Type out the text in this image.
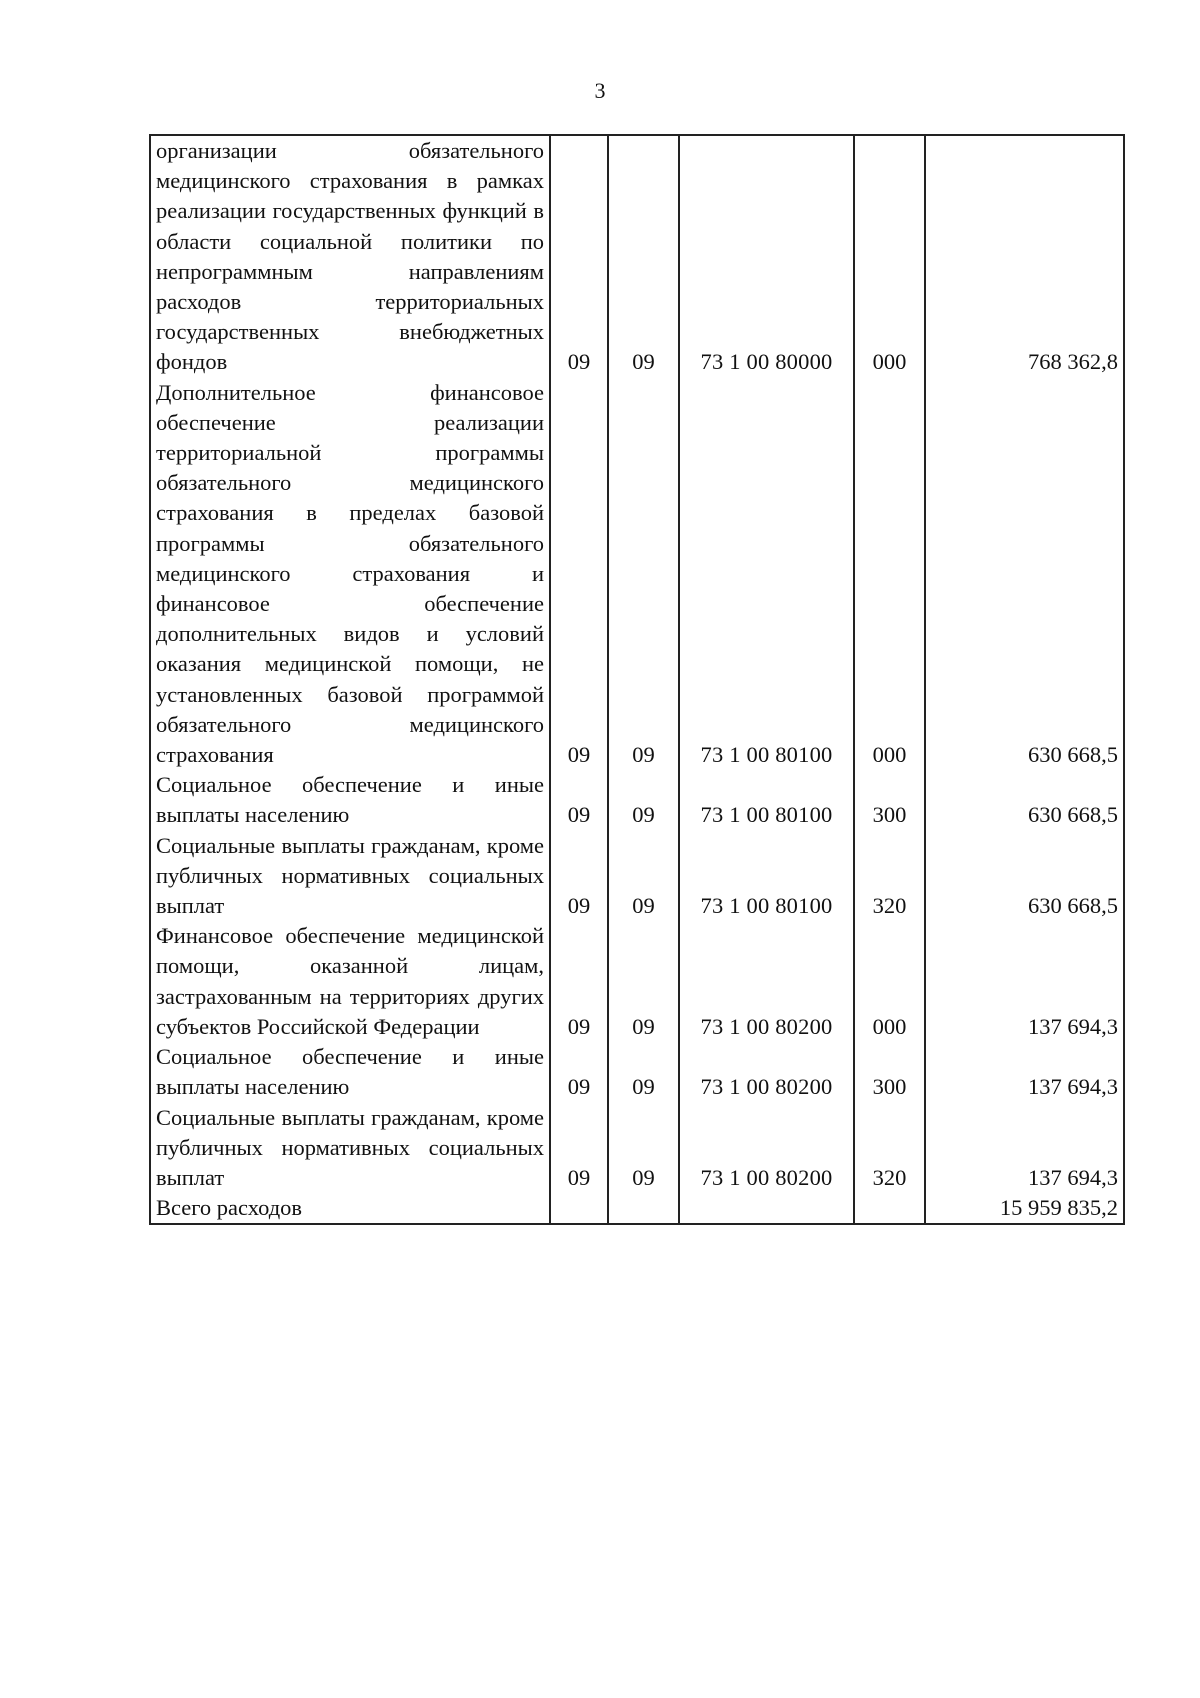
3
организации обязательного медицинского страхования в рамках реализации государственных функций в области социальной политики по непрограммным направлениям расходов территориальных государственных внебюджетных фондов	09	09	73 1 00 80000	000	768 362,8
Дополнительное финансовое обеспечение реализации территориальной программы обязательного медицинского страхования в пределах базовой программы обязательного медицинского страхования и финансовое обеспечение дополнительных видов и условий оказания медицинской помощи, не установленных базовой программой обязательного медицинского страхования	09	09	73 1 00 80100	000	630 668,5
Социальное обеспечение и иные выплаты населению	09	09	73 1 00 80100	300	630 668,5
Социальные выплаты гражданам, кроме публичных нормативных социальных выплат	09	09	73 1 00 80100	320	630 668,5
Финансовое обеспечение медицинской помощи, оказанной лицам, застрахованным на территориях других субъектов Российской Федерации	09	09	73 1 00 80200	000	137 694,3
Социальное обеспечение и иные выплаты населению	09	09	73 1 00 80200	300	137 694,3
Социальные выплаты гражданам, кроме публичных нормативных социальных выплат	09	09	73 1 00 80200	320	137 694,3
Всего расходов					15 959 835,2
